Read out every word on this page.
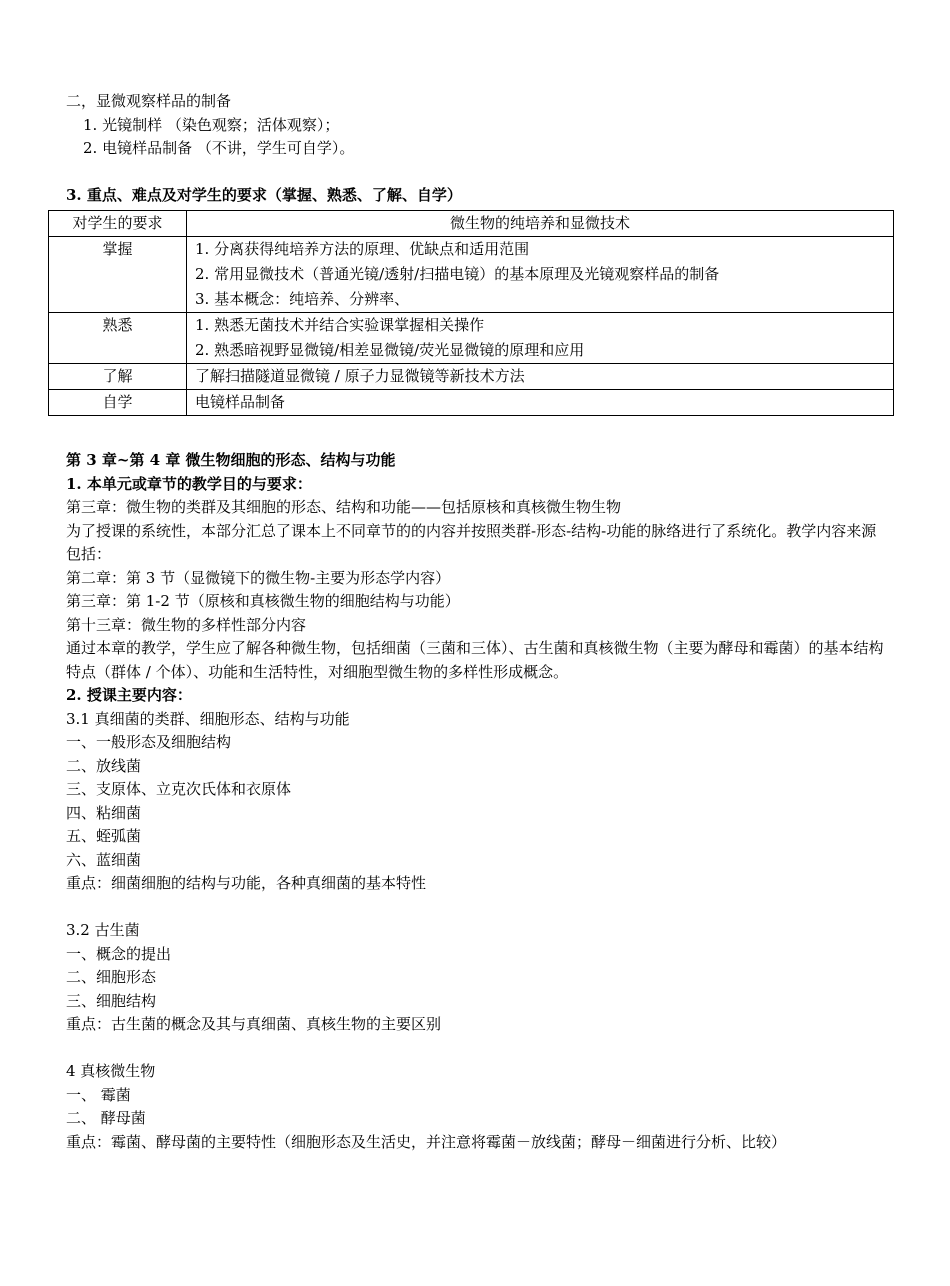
二，显微观察样品的制备
1. 光镜制样 （染色观察；活体观察）；
2. 电镜样品制备 （不讲，学生可自学）。
3. 重点、难点及对学生的要求（掌握、熟悉、了解、自学）
对学生的要求	微生物的纯培养和显微技术
掌握	1. 分离获得纯培养方法的原理、优缺点和适用范围
2. 常用显微技术（普通光镜/透射/扫描电镜）的基本原理及光镜观察样品的制备
3. 基本概念：纯培养、分辨率、

熟悉	1. 熟悉无菌技术并结合实验课掌握相关操作
2. 熟悉暗视野显微镜/相差显微镜/荧光显微镜的原理和应用

了解	了解扫描隧道显微镜 / 原子力显微镜等新技术方法

自学	电镜样品制备
第 3 章~第 4 章 微生物细胞的形态、结构与功能
1. 本单元或章节的教学目的与要求：
第三章：微生物的类群及其细胞的形态、结构和功能——包括原核和真核微生物生物
为了授课的系统性，本部分汇总了课本上不同章节的的内容并按照类群-形态-结构-功能的脉络进行了系统化。教学内容来源包括：
第二章：第 3 节（显微镜下的微生物-主要为形态学内容）
第三章：第 1-2 节（原核和真核微生物的细胞结构与功能）
第十三章：微生物的多样性部分内容
通过本章的教学，学生应了解各种微生物，包括细菌（三菌和三体）、古生菌和真核微生物（主要为酵母和霉菌）的基本结构特点（群体 / 个体）、功能和生活特性，对细胞型微生物的多样性形成概念。
2. 授课主要内容：
3.1 真细菌的类群、细胞形态、结构与功能
一、一般形态及细胞结构
二、放线菌
三、支原体、立克次氏体和衣原体
四、粘细菌
五、蛭弧菌
六、蓝细菌
重点：细菌细胞的结构与功能，各种真细菌的基本特性
3.2 古生菌
一、概念的提出
二、细胞形态
三、细胞结构
重点：古生菌的概念及其与真细菌、真核生物的主要区别
4 真核微生物
一、 霉菌
二、 酵母菌
重点：霉菌、酵母菌的主要特性（细胞形态及生活史，并注意将霉菌－放线菌；酵母－细菌进行分析、比较）
